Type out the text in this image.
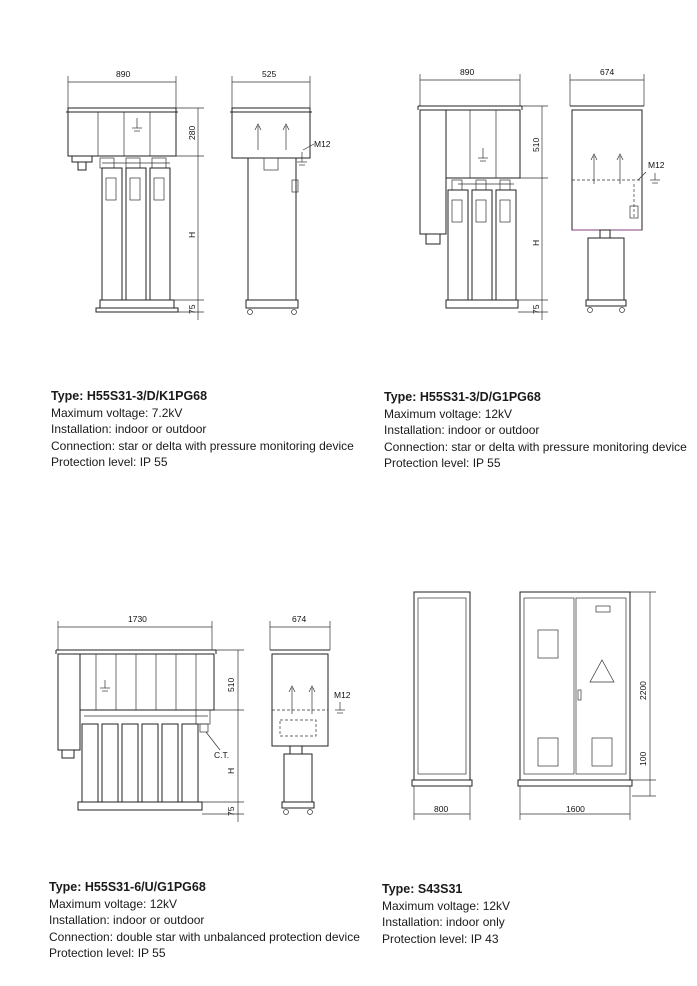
890
280
H
75
525
M12

Type: H55S31-3/D/K1PG68

Maximum voltage: 7.2kV

Installation: indoor or outdoor

Connection: star or delta with pressure monitoring device

Protection level: IP 55

890
510
H
75
674
M12

Type: H55S31-3/D/G1PG68

Maximum voltage: 12kV

Installation: indoor or outdoor

Connection: star or delta with pressure monitoring device

Protection level: IP 55

1730
C.T.
510
H
75
674
M12

Type: H55S31-6/U/G1PG68

Maximum voltage: 12kV

Installation: indoor or outdoor

Connection: double star with unbalanced protection device

Protection level: IP 55

800	1600
2200
100

Type: S43S31

Maximum voltage: 12kV

Installation: indoor only

Protection level: IP 43
